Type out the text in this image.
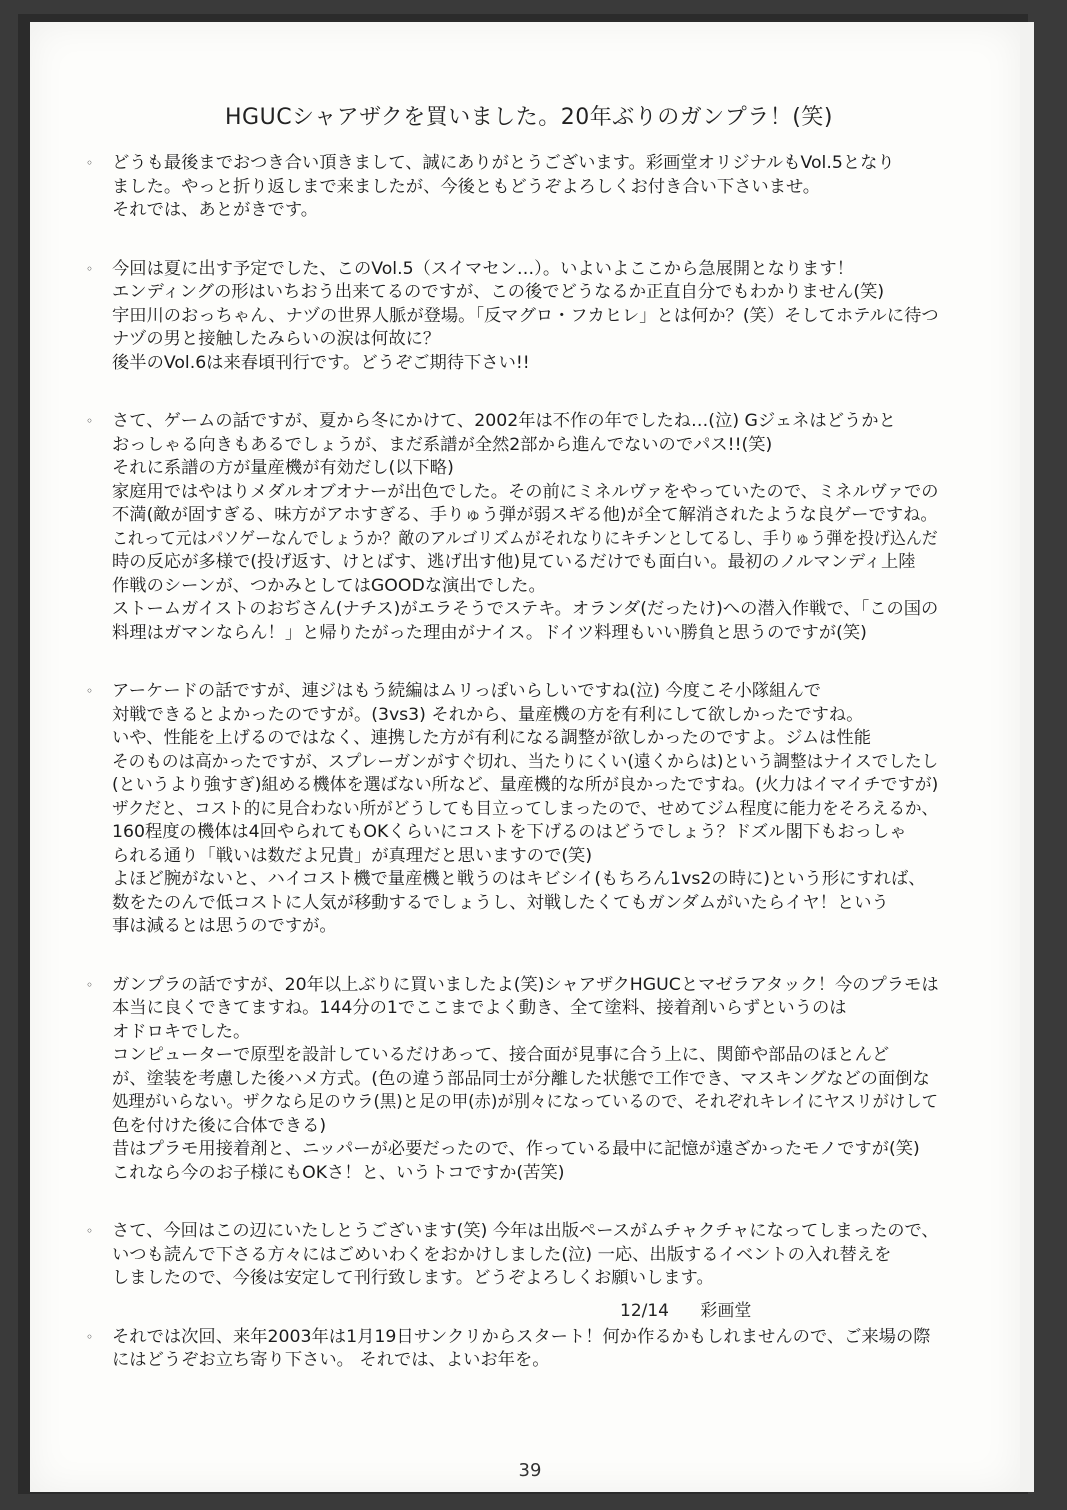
HGUCシャアザクを買いました。20年ぶりのガンプラ！(笑)
◦ どうも最後までおつき合い頂きまして、誠にありがとうございます。彩画堂オリジナルもVol.5となり
ました。やっと折り返しまで来ましたが、今後ともどうぞよろしくお付き合い下さいませ。
それでは、あとがきです。
◦ 今回は夏に出す予定でした、このVol.5（スイマセン…）。いよいよここから急展開となります！
エンディングの形はいちおう出来てるのですが、この後でどうなるか正直自分でもわかりません(笑)
宇田川のおっちゃん、ナヅの世界人脈が登場。「反マグロ・フカヒレ」とは何か？(笑）そしてホテルに待つ
ナヅの男と接触したみらいの涙は何故に？
後半のVol.6は来春頃刊行です。どうぞご期待下さい!!
◦ さて、ゲームの話ですが、夏から冬にかけて、2002年は不作の年でしたね…(泣) Gジェネはどうかと
おっしゃる向きもあるでしょうが、まだ系譜が全然2部から進んでないのでパス!!(笑)
それに系譜の方が量産機が有効だし(以下略)
家庭用ではやはりメダルオブオナーが出色でした。その前にミネルヴァをやっていたので、ミネルヴァでの
不満(敵が固すぎる、味方がアホすぎる、手りゅう弾が弱スギる他)が全て解消されたような良ゲーですね。
これって元はパソゲーなんでしょうか？敵のアルゴリズムがそれなりにキチンとしてるし、手りゅう弾を投げ込んだ
時の反応が多様で(投げ返す、けとばす、逃げ出す他)見ているだけでも面白い。最初のノルマンディ上陸
作戦のシーンが、つかみとしてはGOODな演出でした。
ストームガイストのおぢさん(ナチス)がエラそうでステキ。オランダ(だったけ)への潜入作戦で、「この国の
料理はガマンならん！」と帰りたがった理由がナイス。ドイツ料理もいい勝負と思うのですが(笑)
◦ アーケードの話ですが、連ジはもう続編はムリっぽいらしいですね(泣) 今度こそ小隊組んで
対戦できるとよかったのですが。(3vs3) それから、量産機の方を有利にして欲しかったですね。
いや、性能を上げるのではなく、連携した方が有利になる調整が欲しかったのですよ。ジムは性能
そのものは高かったですが、スプレーガンがすぐ切れ、当たりにくい(遠くからは)という調整はナイスでしたし
(というより強すぎ)組める機体を選ばない所など、量産機的な所が良かったですね。(火力はイマイチですが)
ザクだと、コスト的に見合わない所がどうしても目立ってしまったので、せめてジム程度に能力をそろえるか、
160程度の機体は4回やられてもOKくらいにコストを下げるのはどうでしょう？ドズル閣下もおっしゃ
られる通り「戦いは数だよ兄貴」が真理だと思いますので(笑)
よほど腕がないと、ハイコスト機で量産機と戦うのはキビシイ(もちろん1vs2の時に)という形にすれば、
数をたのんで低コストに人気が移動するでしょうし、対戦したくてもガンダムがいたらイヤ！という
事は減るとは思うのですが。
◦ ガンプラの話ですが、20年以上ぶりに買いましたよ(笑)シャアザクHGUCとマゼラアタック！今のプラモは
本当に良くできてますね。144分の1でここまでよく動き、全て塗料、接着剤いらずというのは
オドロキでした。
コンピューターで原型を設計しているだけあって、接合面が見事に合う上に、関節や部品のほとんど
が、塗装を考慮した後ハメ方式。(色の違う部品同士が分離した状態で工作でき、マスキングなどの面倒な
処理がいらない。ザクなら足のウラ(黒)と足の甲(赤)が別々になっているので、それぞれキレイにヤスリがけして
色を付けた後に合体できる)
昔はプラモ用接着剤と、ニッパーが必要だったので、作っている最中に記憶が遠ざかったモノですが(笑)
これなら今のお子様にもOKさ！と、いうトコですか(苦笑)
◦ さて、今回はこの辺にいたしとうございます(笑) 今年は出版ペースがムチャクチャになってしまったので、
いつも読んで下さる方々にはごめいわくをおかけしました(泣) 一応、出版するイベントの入れ替えを
しましたので、今後は安定して刊行致します。どうぞよろしくお願いします。
◦ それでは次回、来年2003年は1月19日サンクリからスタート！何か作るかもしれませんので、ご来場の際
にはどうぞお立ち寄り下さい。 それでは、よいお年を。
12/14 彩画堂
39
